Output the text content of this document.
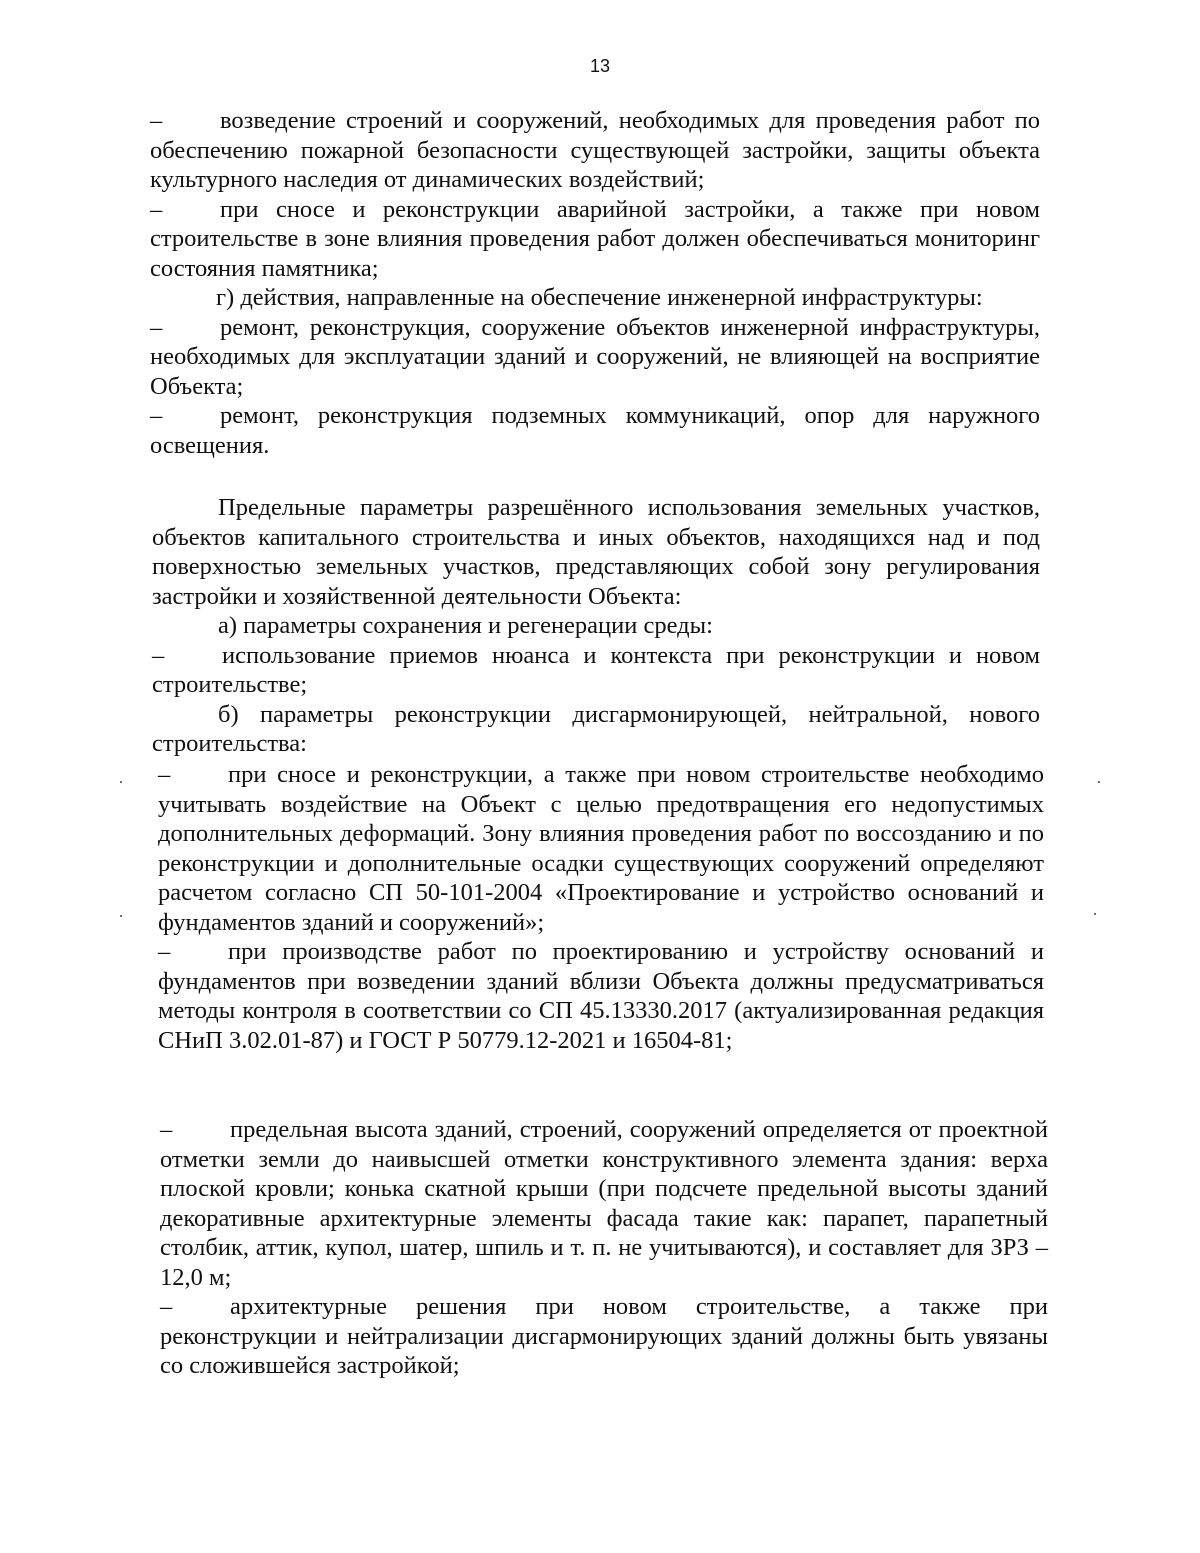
13

– возведение строений и сооружений, необходимых для проведения работ по обеспечению пожарной безопасности существующей застройки, защиты объекта культурного наследия от динамических воздействий;

– при сносе и реконструкции аварийной застройки, а также при новом строительстве в зоне влияния проведения работ должен обеспечиваться мониторинг состояния памятника;

г) действия, направленные на обеспечение инженерной инфраструктуры:

– ремонт, реконструкция, сооружение объектов инженерной инфраструктуры, необходимых для эксплуатации зданий и сооружений, не влияющей на восприятие Объекта;

– ремонт, реконструкция подземных коммуникаций, опор для наружного освещения.

Предельные параметры разрешённого использования земельных участков, объектов капитального строительства и иных объектов, находящихся над и под поверхностью земельных участков, представляющих собой зону регулирования застройки и хозяйственной деятельности Объекта:

а) параметры сохранения и регенерации среды:

– использование приемов нюанса и контекста при реконструкции и новом строительстве;

б) параметры реконструкции дисгармонирующей, нейтральной, нового строительства:

– при сносе и реконструкции, а также при новом строительстве необходимо учитывать воздействие на Объект с целью предотвращения его недопустимых дополнительных деформаций. Зону влияния проведения работ по воссозданию и по реконструкции и дополнительные осадки существующих сооружений определяют расчетом согласно СП 50-101-2004 «Проектирование и устройство оснований и фундаментов зданий и сооружений»;

– при производстве работ по проектированию и устройству оснований и фундаментов при возведении зданий вблизи Объекта должны предусматриваться методы контроля в соответствии со СП 45.13330.2017 (актуализированная редакция СНиП 3.02.01-87) и ГОСТ Р 50779.12-2021 и 16504-81;

– предельная высота зданий, строений, сооружений определяется от проектной отметки земли до наивысшей отметки конструктивного элемента здания: верха плоской кровли; конька скатной крыши (при подсчете предельной высоты зданий декоративные архитектурные элементы фасада такие как: парапет, парапетный столбик, аттик, купол, шатер, шпиль и т. п. не учитываются), и составляет для ЗРЗ – 12,0 м;

– архитектурные решения при новом строительстве, а также при реконструкции и нейтрализации дисгармонирующих зданий должны быть увязаны со сложившейся застройкой;
